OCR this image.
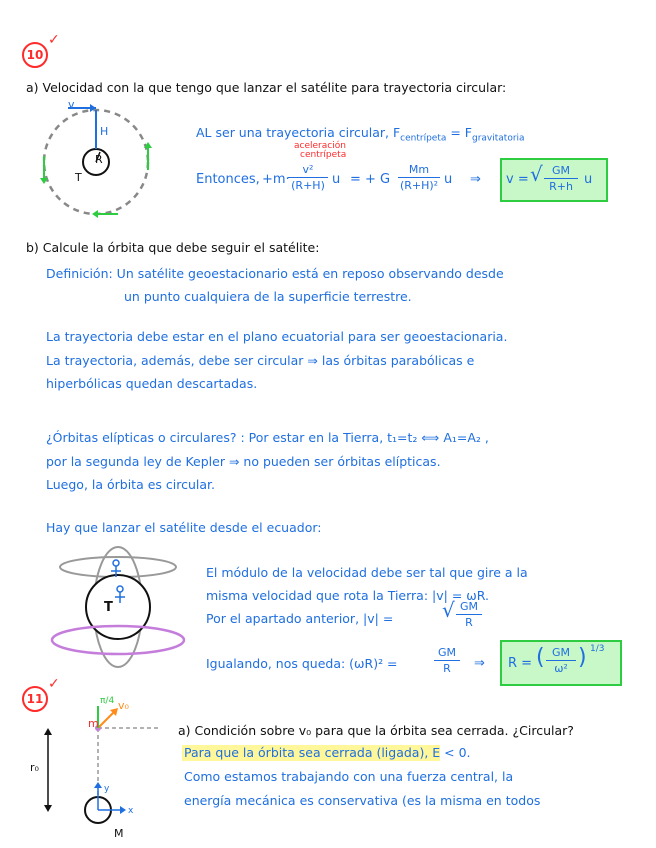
10
✓
a) Velocidad con la que tengo que lanzar el satélite para trayectoria circular:
v
H
R
T
AL ser una trayectoria circular, $F_{centrípeta} = F_{gravitatoria}$
aceleración
centrípeta
Entonces, +m·
v²
(R+H) u = + G
Mm
(R+H)² u ⇒ v = √ GM
R+h u
b) Calcule la órbita que debe seguir el satélite:
Definición: Un satélite geoestacionario está en reposo observando desde
un punto cualquiera de la superficie terrestre.
La trayectoria debe estar en el plano ecuatorial para ser geoestacionaria.
La trayectoria, además, debe ser circular ⇒ las órbitas parabólicas e
hiperbólicas quedan descartadas.
¿Órbitas elípticas o circulares? : Por estar en la Tierra, t₁=t₂ ⟺ A₁=A₂ ,
por la segunda ley de Kepler ⇒ no pueden ser órbitas elípticas.
Luego, la órbita es circular.
Hay que lanzar el satélite desde el ecuador:
T
El módulo de la velocidad debe ser tal que gire a la
misma velocidad que rota la Tierra: |v| = ωR.
Por el apartado anterior, |v| = √ GM
R
Igualando, nos queda: (ωR)² =
GM
R	⇒ R = ( GM
ω² ) 1/3
11
✓
m
v₀
π/4
r₀
y
x
M
a) Condición sobre v₀ para que la órbita sea cerrada. ¿Circular?
Para que la órbita sea cerrada (ligada), E < 0.
Como estamos trabajando con una fuerza central, la
energía mecánica es conservativa (es la misma en todos
